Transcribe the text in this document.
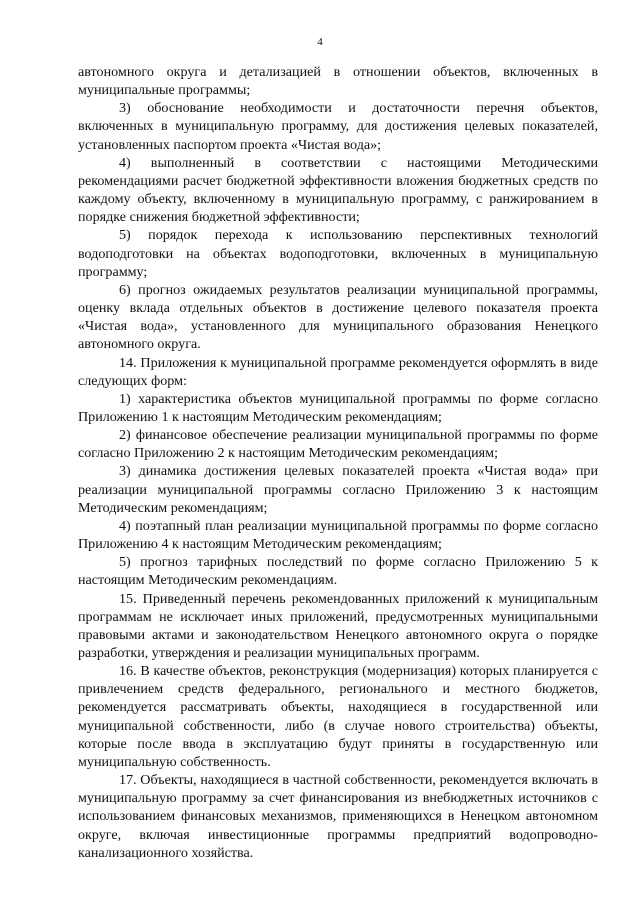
4

автономного округа и детализацией в отношении объектов, включенных в муниципальные программы;

3) обоснование необходимости и достаточности перечня объектов, включенных в муниципальную программу, для достижения целевых показателей, установленных паспортом проекта «Чистая вода»;

4) выполненный в соответствии с настоящими Методическими рекомендациями расчет бюджетной эффективности вложения бюджетных средств по каждому объекту, включенному в муниципальную программу, с ранжированием в порядке снижения бюджетной эффективности;

5) порядок перехода к использованию перспективных технологий водоподготовки на объектах водоподготовки, включенных в муниципальную программу;

6) прогноз ожидаемых результатов реализации муниципальной программы, оценку вклада отдельных объектов в достижение целевого показателя проекта «Чистая вода», установленного для муниципального образования Ненецкого автономного округа.

14. Приложения к муниципальной программе рекомендуется оформлять в виде следующих форм:

1) характеристика объектов муниципальной программы по форме согласно Приложению 1 к настоящим Методическим рекомендациям;

2) финансовое обеспечение реализации муниципальной программы по форме согласно Приложению 2 к настоящим Методическим рекомендациям;

3) динамика достижения целевых показателей проекта «Чистая вода» при реализации муниципальной программы согласно Приложению 3 к настоящим Методическим рекомендациям;

4) поэтапный план реализации муниципальной программы по форме согласно Приложению 4 к настоящим Методическим рекомендациям;

5) прогноз тарифных последствий по форме согласно Приложению 5 к настоящим Методическим рекомендациям.

15. Приведенный перечень рекомендованных приложений к муниципальным программам не исключает иных приложений, предусмотренных муниципальными правовыми актами и законодательством Ненецкого автономного округа о порядке разработки, утверждения и реализации муниципальных программ.

16. В качестве объектов, реконструкция (модернизация) которых планируется с привлечением средств федерального, регионального и местного бюджетов, рекомендуется рассматривать объекты, находящиеся в государственной или муниципальной собственности, либо (в случае нового строительства) объекты, которые после ввода в эксплуатацию будут приняты в государственную или муниципальную собственность.

17. Объекты, находящиеся в частной собственности, рекомендуется включать в муниципальную программу за счет финансирования из внебюджетных источников с использованием финансовых механизмов, применяющихся в Ненецком автономном округе, включая инвестиционные программы предприятий водопроводно-канализационного хозяйства.
